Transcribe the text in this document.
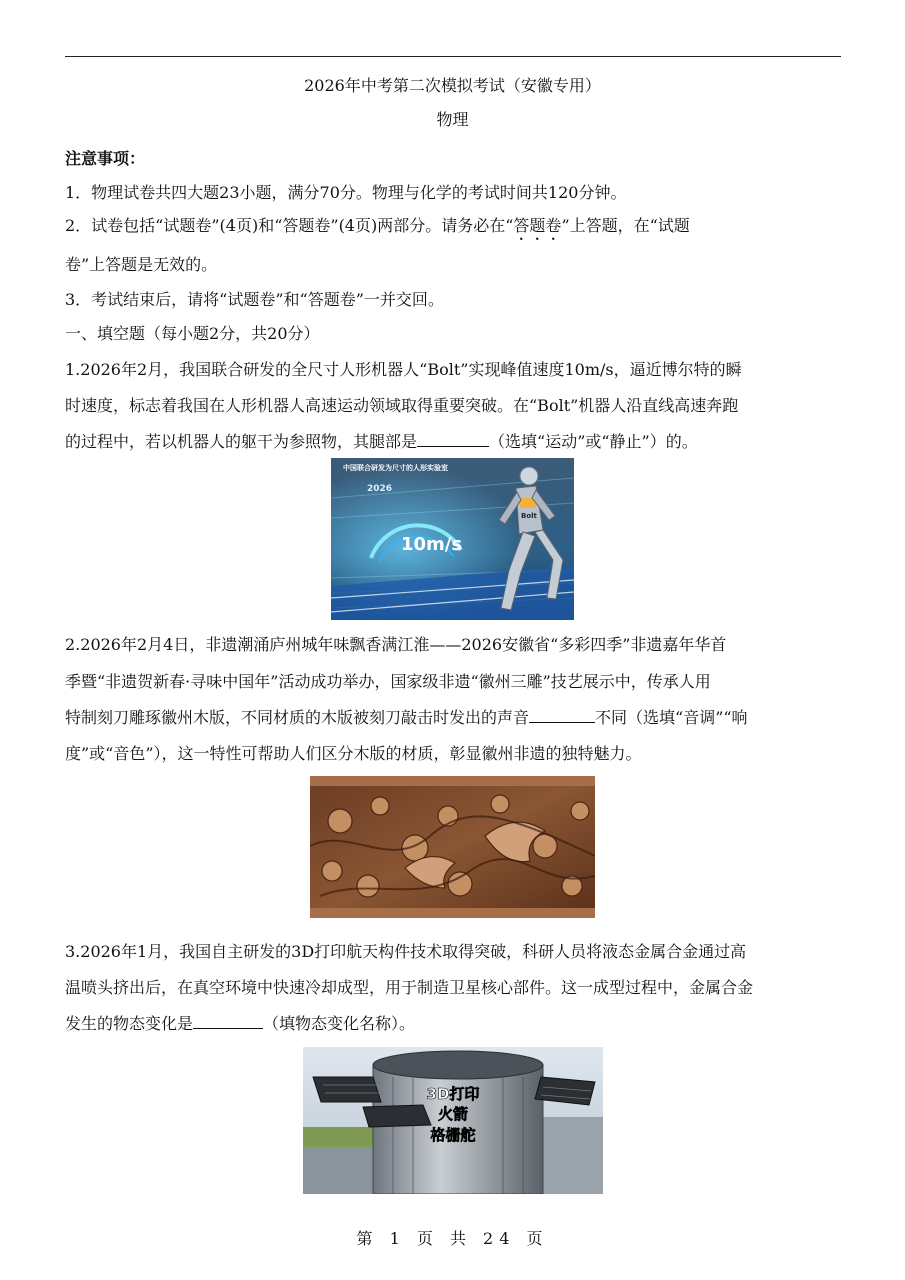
2026年中考第二次模拟考试（安徽专用）
物理
注意事项：
1．物理试卷共四大题23小题，满分70分。物理与化学的考试时间共120分钟。
2．试卷包括“试题卷”(4页)和“答题卷”(4页)两部分。请务必在“答题卷”上答题，在“试题
卷”上答题是无效的。
3．考试结束后，请将“试题卷”和“答题卷”一并交回。
一、填空题（每小题2分，共20分）
1.2026年2月，我国联合研发的全尺寸人形机器人“Bolt”实现峰值速度10m/s，逼近博尔特的瞬
时速度，标志着我国在人形机器人高速运动领域取得重要突破。在“Bolt”机器人沿直线高速奔跑
的过程中，若以机器人的躯干为参照物，其腿部是	（选填“运动”或“静止”）的。
中国联合研发为尺寸的人形实验室
2026
10m/s
Bolt
2.2026年2月4日，非遗潮涌庐州城年味飘香满江淮——2026安徽省“多彩四季”非遗嘉年华首
季暨“非遗贺新春·寻味中国年”活动成功举办，国家级非遗“徽州三雕”技艺展示中，传承人用
特制刻刀雕琢徽州木版，不同材质的木版被刻刀敲击时发出的声音	不同（选填“音调”“响
度”或“音色”），这一特性可帮助人们区分木版的材质，彰显徽州非遗的独特魅力。
3.2026年1月，我国自主研发的3D打印航天构件技术取得突破，科研人员将液态金属合金通过高
温喷头挤出后，在真空环境中快速冷却成型，用于制造卫星核心部件。这一成型过程中，金属合金
发生的物态变化是	（填物态变化名称）。
3D打印
火箭
格栅舵
第 1 页 共 24 页
